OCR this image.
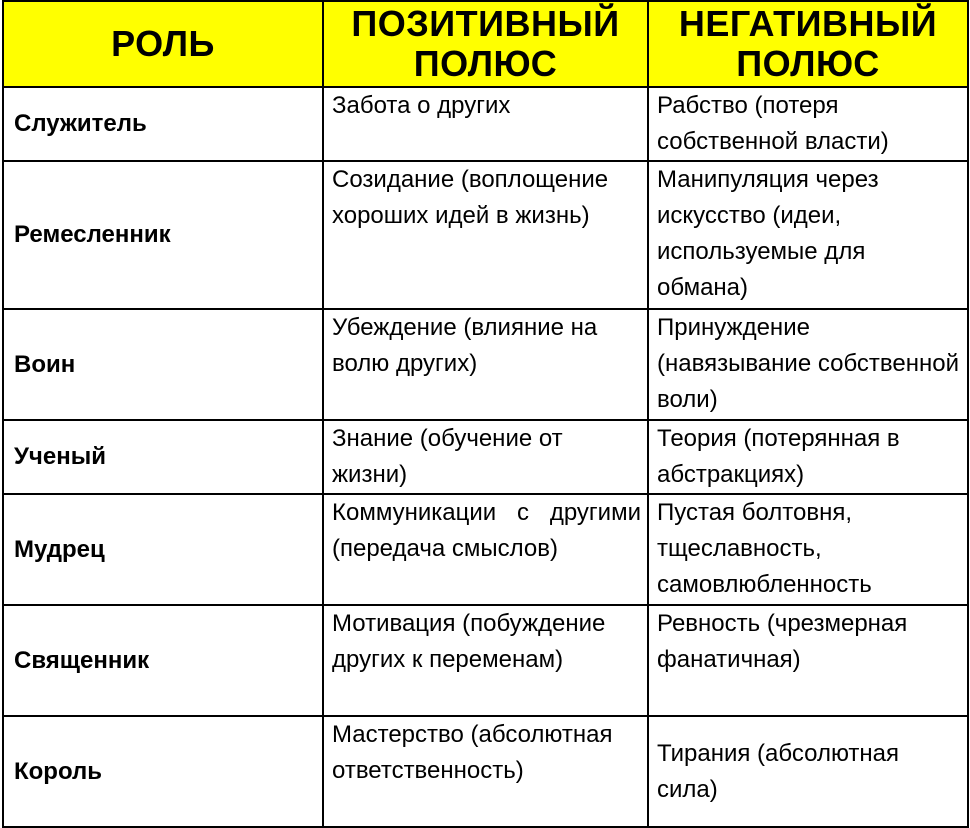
РОЛЬ	ПОЗИТИВНЫЙ ПОЛЮС	НЕГАТИВНЫЙ ПОЛЮС
Служитель	Забота о других	Рабство (потеря собственной власти)
Ремесленник	Созидание (воплощение хороших идей в жизнь)	Манипуляция через искусство (идеи, используемые для обмана)
Воин	Убеждение (влияние на волю других)	Принуждение (навязывание собственной воли)
Ученый	Знание (обучение от жизни)	Теория (потерянная в абстракциях)
Мудрец	Коммуникации с другими (передача смыслов)	Пустая болтовня, тщеславность, самовлюбленность
Священник	Мотивация (побуждение других к переменам)	Ревность (чрезмерная фанатичная)
Король	Мастерство (абсолютная ответственность)	Тирания (абсолютная сила)
